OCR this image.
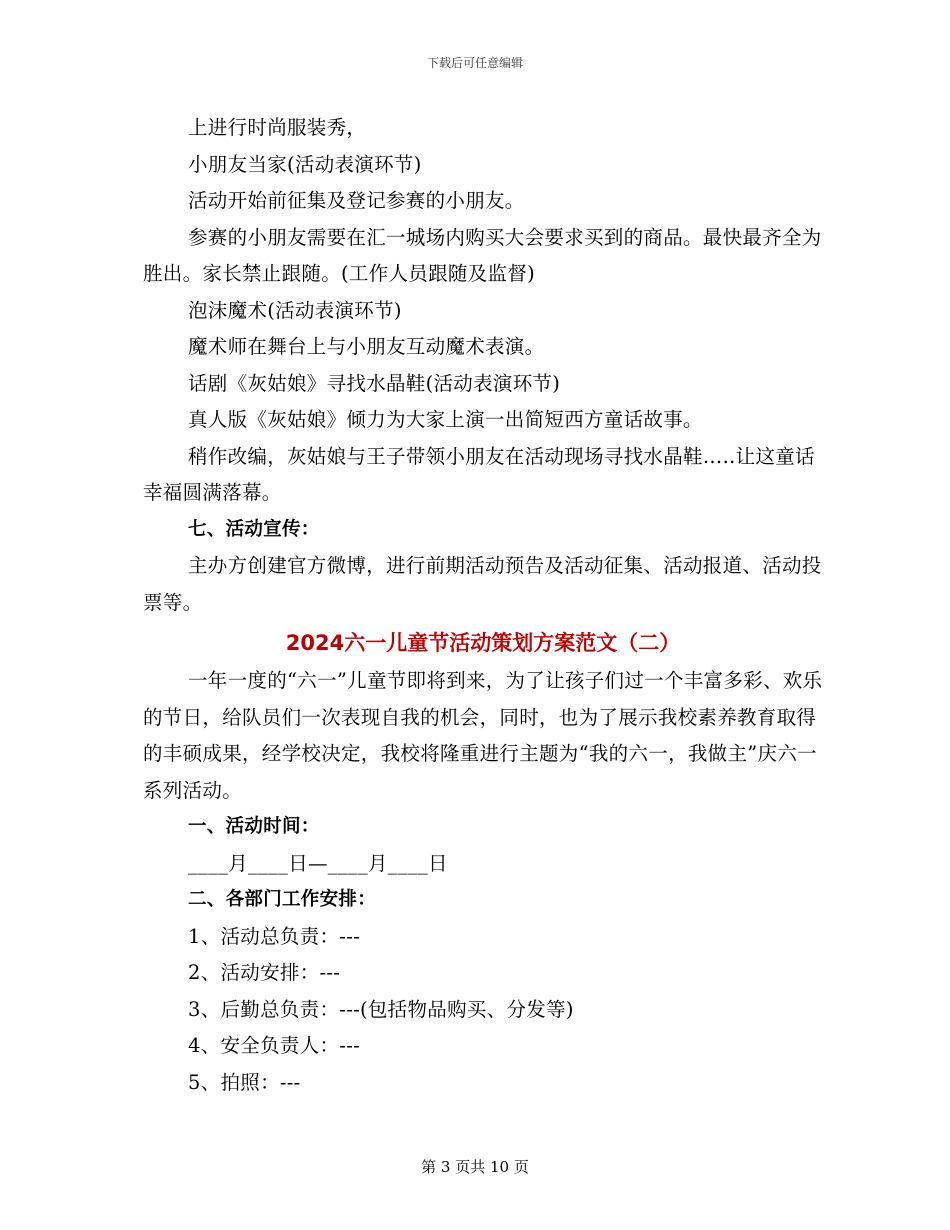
下载后可任意编辑

上进行时尚服装秀，

小朋友当家(活动表演环节)

活动开始前征集及登记参赛的小朋友。

参赛的小朋友需要在汇一城场内购买大会要求买到的商品。最快最齐全为胜出。家长禁止跟随。(工作人员跟随及监督)

泡沫魔术(活动表演环节)

魔术师在舞台上与小朋友互动魔术表演。

话剧《灰姑娘》寻找水晶鞋(活动表演环节)

真人版《灰姑娘》倾力为大家上演一出简短西方童话故事。

稍作改编，灰姑娘与王子带领小朋友在活动现场寻找水晶鞋…..让这童话幸福圆满落幕。

七、活动宣传：

主办方创建官方微博，进行前期活动预告及活动征集、活动报道、活动投票等。

2024六一儿童节活动策划方案范文（二）

一年一度的“六一”儿童节即将到来，为了让孩子们过一个丰富多彩、欢乐的节日，给队员们一次表现自我的机会，同时，也为了展示我校素养教育取得的丰硕成果，经学校决定，我校将隆重进行主题为“我的六一，我做主”庆六一系列活动。

一、活动时间：

____月____日—____月____日

二、各部门工作安排：

1、活动总负责：---

2、活动安排：---

3、后勤总负责：---(包括物品购买、分发等)

4、安全负责人：---

5、拍照：---

第 3 页共 10 页
